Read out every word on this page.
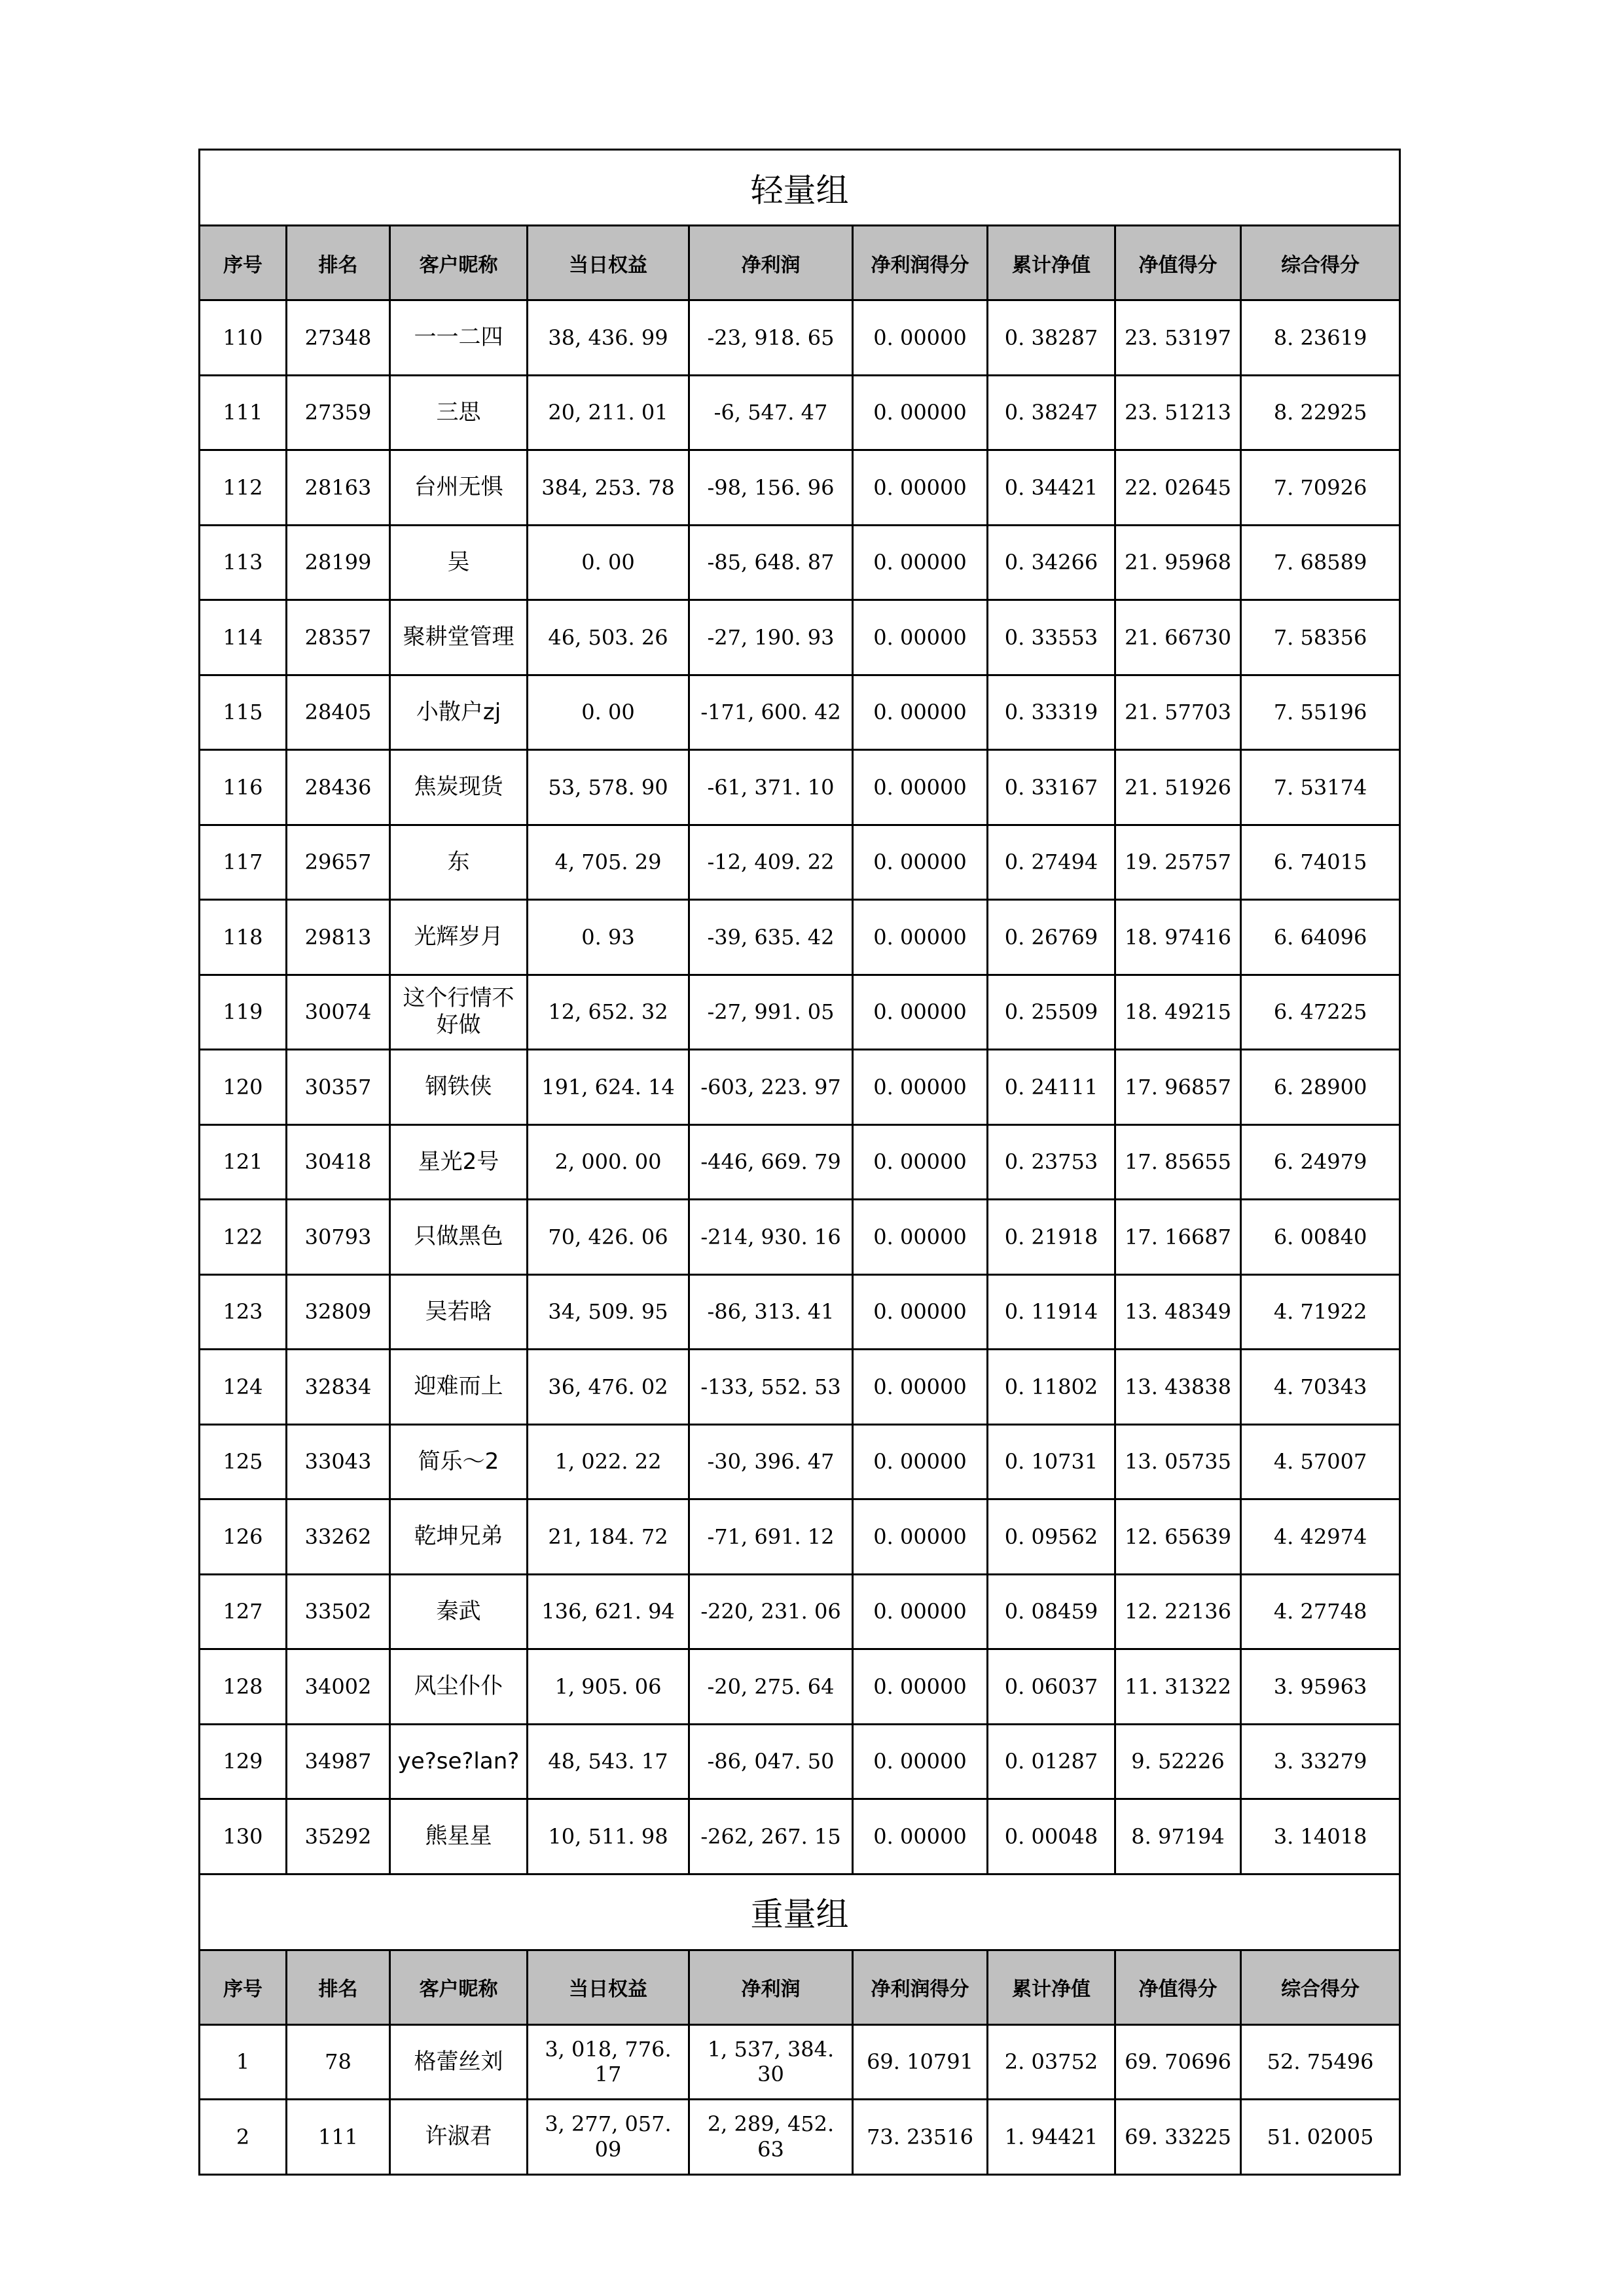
轻量组								
序号	排名	客户昵称	当日权益	净利润	净利润得分	累计净值	净值得分	综合得分
110	27348	一一二四	38, 436. 99	-23, 918. 65	0. 00000	0. 38287	23. 53197	8. 23619
111	27359	三思	20, 211. 01	-6, 547. 47	0. 00000	0. 38247	23. 51213	8. 22925
112	28163	台州无惧	384, 253. 78	-98, 156. 96	0. 00000	0. 34421	22. 02645	7. 70926
113	28199	吴	0. 00	-85, 648. 87	0. 00000	0. 34266	21. 95968	7. 68589
114	28357	聚耕堂管理	46, 503. 26	-27, 190. 93	0. 00000	0. 33553	21. 66730	7. 58356
115	28405	小散户zj	0. 00	-171, 600. 42	0. 00000	0. 33319	21. 57703	7. 55196
116	28436	焦炭现货	53, 578. 90	-61, 371. 10	0. 00000	0. 33167	21. 51926	7. 53174
117	29657	东	4, 705. 29	-12, 409. 22	0. 00000	0. 27494	19. 25757	6. 74015
118	29813	光辉岁月	0. 93	-39, 635. 42	0. 00000	0. 26769	18. 97416	6. 64096
119	30074	这个行情不好做	12, 652. 32	-27, 991. 05	0. 00000	0. 25509	18. 49215	6. 47225
120	30357	钢铁侠	191, 624. 14	-603, 223. 97	0. 00000	0. 24111	17. 96857	6. 28900
121	30418	星光2号	2, 000. 00	-446, 669. 79	0. 00000	0. 23753	17. 85655	6. 24979
122	30793	只做黑色	70, 426. 06	-214, 930. 16	0. 00000	0. 21918	17. 16687	6. 00840
123	32809	吴若晗	34, 509. 95	-86, 313. 41	0. 00000	0. 11914	13. 48349	4. 71922
124	32834	迎难而上	36, 476. 02	-133, 552. 53	0. 00000	0. 11802	13. 43838	4. 70343
125	33043	简乐～2	1, 022. 22	-30, 396. 47	0. 00000	0. 10731	13. 05735	4. 57007
126	33262	乾坤兄弟	21, 184. 72	-71, 691. 12	0. 00000	0. 09562	12. 65639	4. 42974
127	33502	秦武	136, 621. 94	-220, 231. 06	0. 00000	0. 08459	12. 22136	4. 27748
128	34002	风尘仆仆	1, 905. 06	-20, 275. 64	0. 00000	0. 06037	11. 31322	3. 95963
129	34987	ye?se?lan?	48, 543. 17	-86, 047. 50	0. 00000	0. 01287	9. 52226	3. 33279
130	35292	熊星星	10, 511. 98	-262, 267. 15	0. 00000	0. 00048	8. 97194	3. 14018
重量组								
序号	排名	客户昵称	当日权益	净利润	净利润得分	累计净值	净值得分	综合得分
1	78	格蕾丝刘	3, 018, 776. 17	1, 537, 384. 30	69. 10791	2. 03752	69. 70696	52. 75496
2	111	许淑君	3, 277, 057. 09	2, 289, 452. 63	73. 23516	1. 94421	69. 33225	51. 02005
